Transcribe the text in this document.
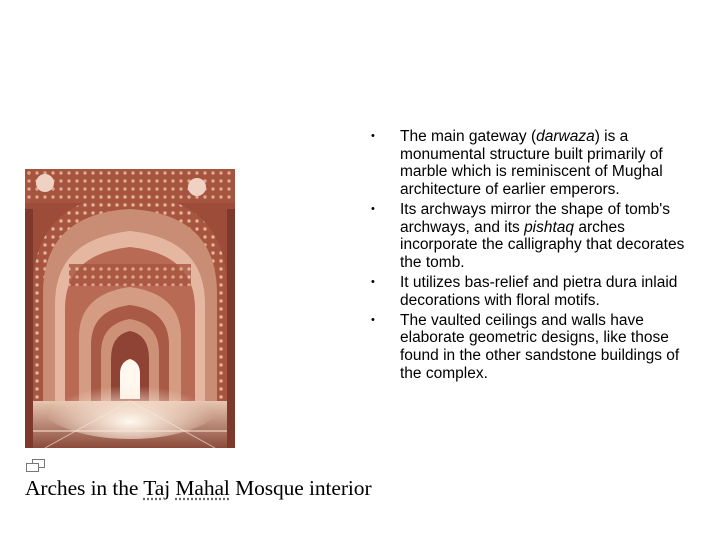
Arches in the Taj Mahal Mosque interior
• The main gateway (darwaza) is a monumental structure built primarily of marble which is reminiscent of Mughal architecture of earlier emperors.
• Its archways mirror the shape of tomb's archways, and its pishtaq arches incorporate the calligraphy that decorates the tomb.
• It utilizes bas-relief and pietra dura inlaid decorations with floral motifs.
• The vaulted ceilings and walls have elaborate geometric designs, like those found in the other sandstone buildings of the complex.
